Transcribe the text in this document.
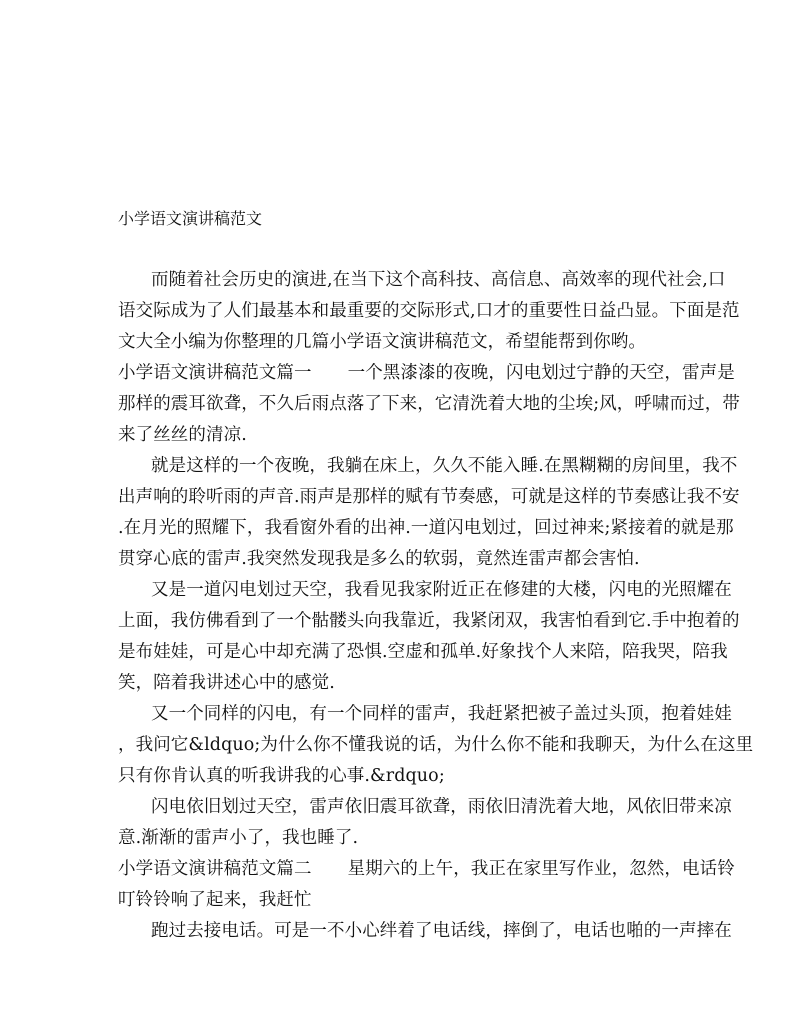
小学语文演讲稿范文
而随着社会历史的演进,在当下这个高科技、高信息、高效率的现代社会,口
语交际成为了人们最基本和最重要的交际形式,口才的重要性日益凸显。下面是范
文大全小编为你整理的几篇小学语文演讲稿范文，希望能帮到你哟。
小学语文演讲稿范文篇一 一个黑漆漆的夜晚，闪电划过宁静的天空，雷声是
那样的震耳欲聋，不久后雨点落了下来，它清洗着大地的尘埃;风，呼啸而过，带
来了丝丝的清凉.
就是这样的一个夜晚，我躺在床上，久久不能入睡.在黑糊糊的房间里，我不
出声响的聆听雨的声音.雨声是那样的赋有节奏感，可就是这样的节奏感让我不安
.在月光的照耀下，我看窗外看的出神.一道闪电划过，回过神来;紧接着的就是那
贯穿心底的雷声.我突然发现我是多么的软弱，竟然连雷声都会害怕.
又是一道闪电划过天空，我看见我家附近正在修建的大楼，闪电的光照耀在
上面，我仿佛看到了一个骷髅头向我靠近，我紧闭双，我害怕看到它.手中抱着的
是布娃娃，可是心中却充满了恐惧.空虚和孤单.好象找个人来陪，陪我哭，陪我
笑，陪着我讲述心中的感觉.
又一个同样的闪电，有一个同样的雷声，我赶紧把被子盖过头顶，抱着娃娃
，我问它&ldquo;为什么你不懂我说的话，为什么你不能和我聊天，为什么在这里
只有你肯认真的听我讲我的心事.&rdquo;
闪电依旧划过天空，雷声依旧震耳欲聋，雨依旧清洗着大地，风依旧带来凉
意.渐渐的雷声小了，我也睡了.
小学语文演讲稿范文篇二 星期六的上午，我正在家里写作业，忽然，电话铃
叮铃铃响了起来，我赶忙
跑过去接电话。可是一不小心绊着了电话线，摔倒了，电话也啪的一声摔在
